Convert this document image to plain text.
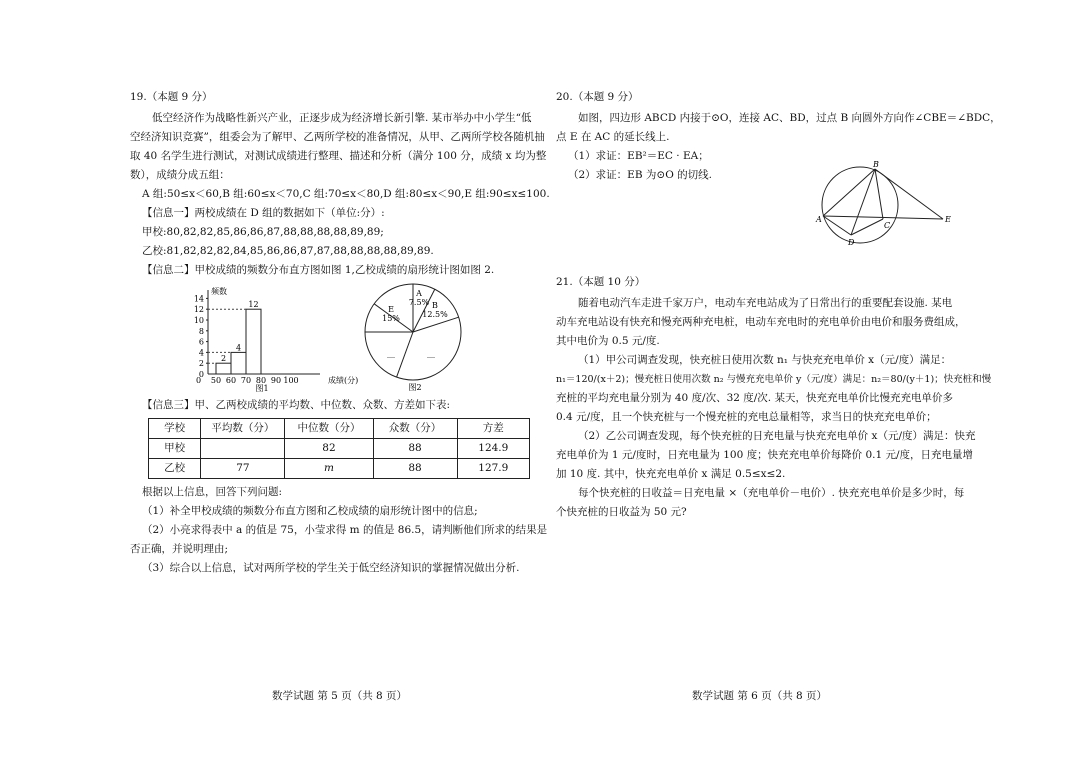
19.（本题 9 分）

低空经济作为战略性新兴产业，正逐步成为经济增长新引擎. 某市举办中小学生“低

空经济知识竞赛”，组委会为了解甲、乙两所学校的准备情况，从甲、乙两所学校各随机抽

取 40 名学生进行测试，对测试成绩进行整理、描述和分析（满分 100 分，成绩 x 均为整

数），成绩分成五组：

A 组:50≤x＜60,B 组:60≤x＜70,C 组:70≤x＜80,D 组:80≤x＜90,E 组:90≤x≤100.

【信息一】两校成绩在 D 组的数据如下（单位:分）:

甲校:80,82,82,85,86,86,87,88,88,88,88,89,89;

乙校:81,82,82,82,84,85,86,86,87,87,88,88,88,88,89,89.

【信息二】甲校成绩的频数分布直方图如图 1,乙校成绩的扇形统计图如图 2.

频数
0
2
4
6
8
10
12
14
0 50 60 70 80 90 100	成绩(分)
2
4
12
图1
A
7.5% B
12.5%
E
15%
__	__
图2

【信息三】甲、乙两校成绩的平均数、中位数、众数、方差如下表:

学校	平均数（分）	中位数（分）	众数（分）	方差
甲校		82	88	124.9
乙校	77	m	88	127.9

根据以上信息，回答下列问题:

（1）补全甲校成绩的频数分布直方图和乙校成绩的扇形统计图中的信息;

（2）小亮求得表中 a 的值是 75，小莹求得 m 的值是 86.5，请判断他们所求的结果是

否正确，并说明理由;

（3）综合以上信息，试对两所学校的学生关于低空经济知识的掌握情况做出分析.

20.（本题 9 分）

如图，四边形 ABCD 内接于⊙O，连接 AC、BD，过点 B 向圆外方向作∠CBE＝∠BDC，

点 E 在 AC 的延长线上.

（1）求证：EB²＝EC · EA；

（2）求证：EB 为⊙O 的切线.

21.（本题 10 分）

随着电动汽车走进千家万户，电动车充电站成为了日常出行的重要配套设施. 某电

动车充电站设有快充和慢充两种充电桩，电动车充电时的充电单价由电价和服务费组成，

其中电价为 0.5 元/度.

（1）甲公司调查发现，快充桩日使用次数 n₁ 与快充充电单价 x（元/度）满足：

n₁＝120/(x＋2)；慢充桩日使用次数 n₂ 与慢充充电单价 y（元/度）满足：n₂＝80/(y＋1)；快充桩和慢

充桩的平均充电量分别为 40 度/次、32 度/次. 某天，快充充电单价比慢充充电单价多

0.4 元/度，且一个快充桩与一个慢充桩的充电总量相等，求当日的快充充电单价；

（2）乙公司调查发现，每个快充桩的日充电量与快充充电单价 x（元/度）满足：快充

充电单价为 1 元/度时，日充电量为 100 度；快充充电单价每降价 0.1 元/度，日充电量增

加 10 度. 其中，快充充电单价 x 满足 0.5≤x≤2.

每个快充桩的日收益＝日充电量 ×（充电单价－电价）. 快充充电单价是多少时，每

个快充桩的日收益为 50 元?

A
B
C
D
E
数学试题 第 5 页（共 8 页）	数学试题 第 6 页（共 8 页）
